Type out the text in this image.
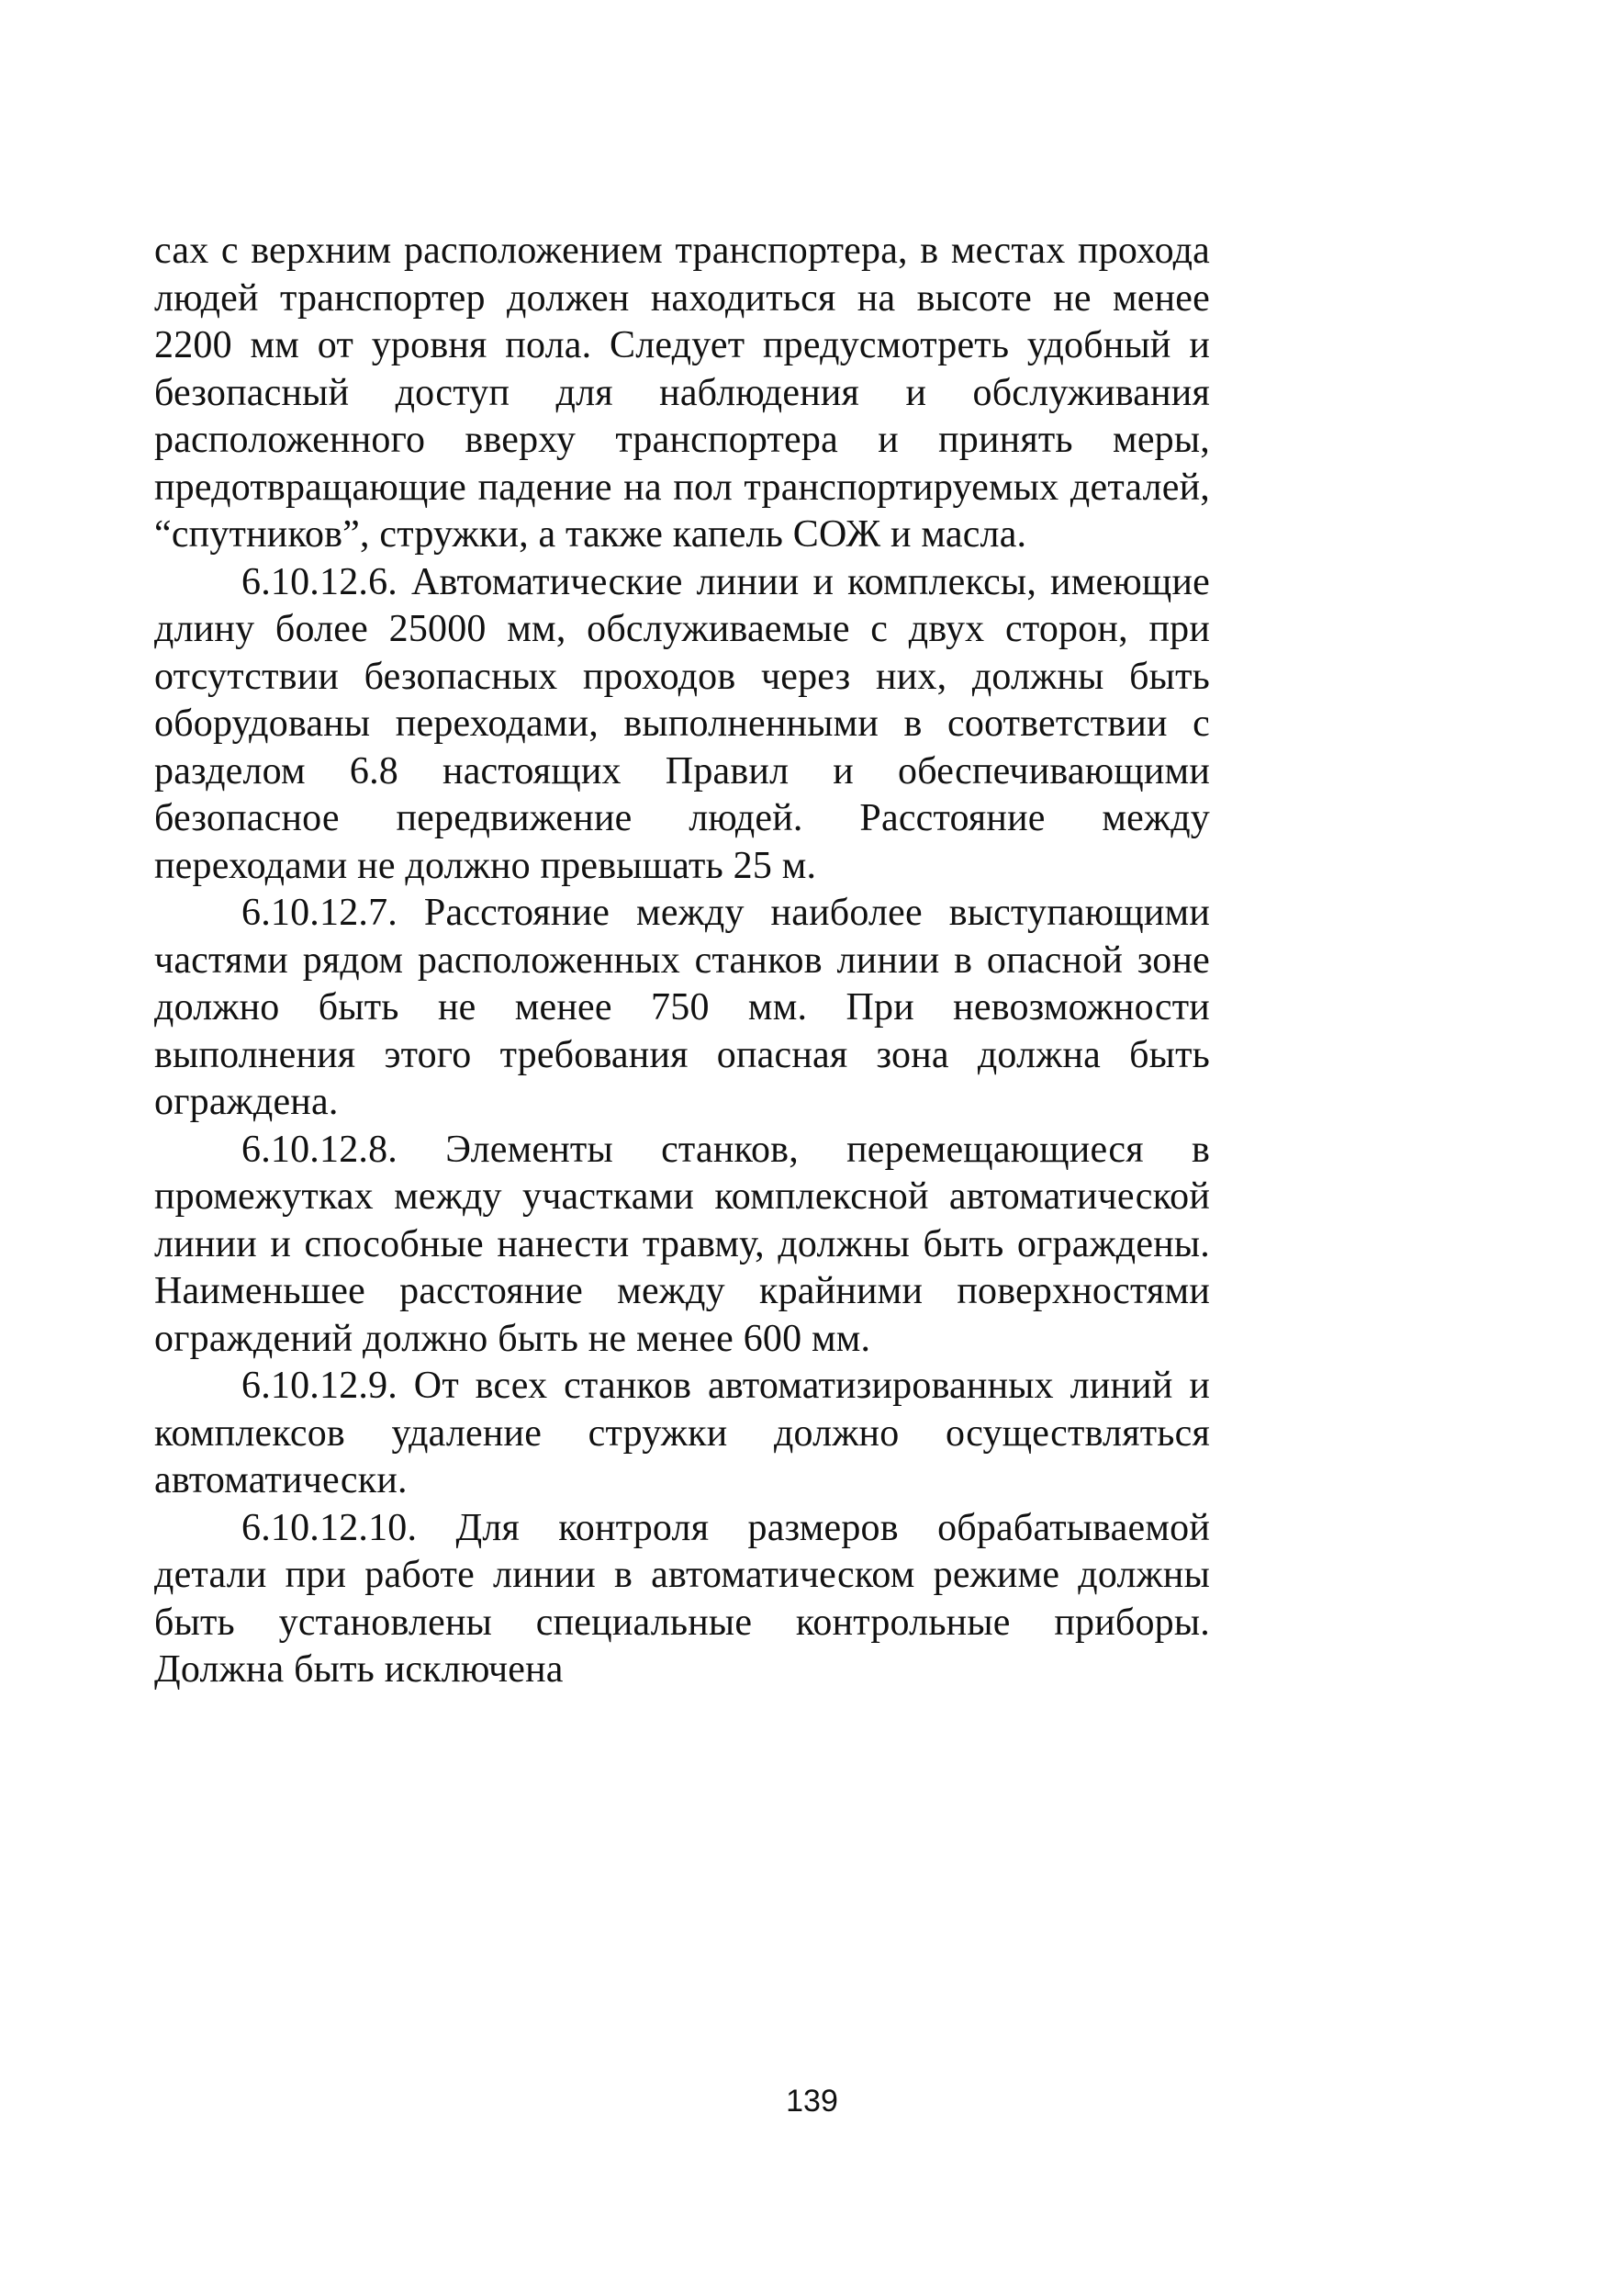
сах с верхним расположением транспортера, в местах прохода людей транспортер должен находиться на высоте не менее 2200 мм от уровня пола. Следует предусмотреть удобный и безопасный доступ для наблюдения и обслуживания расположенного вверху транспортера и принять меры, предотвращающие падение на пол транспортируемых деталей, “спутников”, стружки, а также капель СОЖ и масла.

6.10.12.6. Автоматические линии и комплексы, имеющие длину более 25000 мм, обслуживаемые с двух сторон, при отсутствии безопасных проходов через них, должны быть оборудованы переходами, выполненными в соответствии с разделом 6.8 настоящих Правил и обеспечивающими безопасное передвижение людей. Расстояние между переходами не должно превышать 25 м.

6.10.12.7. Расстояние между наиболее выступающими частями рядом расположенных станков линии в опасной зоне должно быть не менее 750 мм. При невозможности выполнения этого требования опасная зона должна быть ограждена.

6.10.12.8. Элементы станков, перемещающиеся в промежутках между участками комплексной автоматической линии и способные нанести травму, должны быть ограждены. Наименьшее расстояние между крайними поверхностями ограждений должно быть не менее 600 мм.

6.10.12.9. От всех станков автоматизированных линий и комплексов удаление стружки должно осуществляться автоматически.

6.10.12.10. Для контроля размеров обрабатываемой детали при работе линии в автоматическом режиме должны быть установлены специальные контрольные приборы. Должна быть исключена

139
